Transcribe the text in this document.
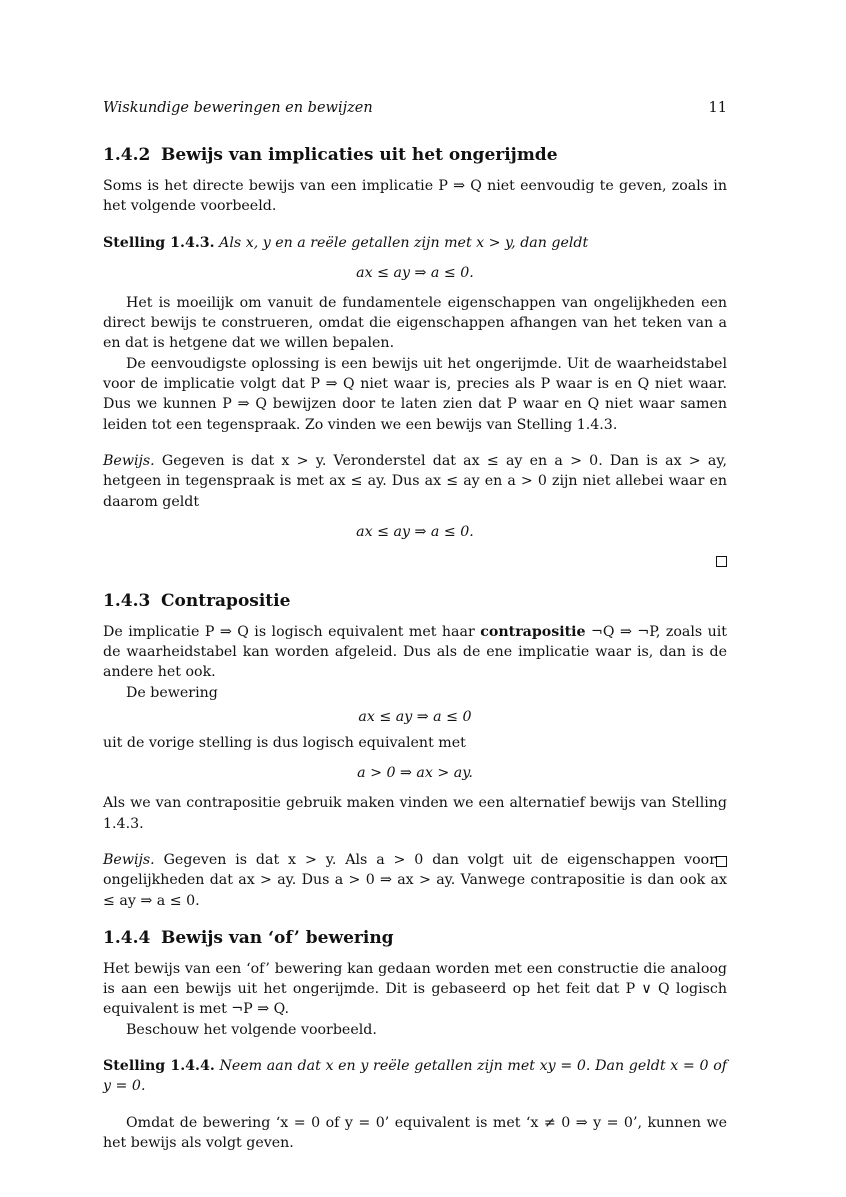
Wiskundige beweringen en bewijzen	11
1.4.2 Bewijs van implicaties uit het ongerijmde

Soms is het directe bewijs van een implicatie P ⇒ Q niet eenvoudig te geven, zoals in het volgende voorbeeld.

Stelling 1.4.3. Als x, y en a reële getallen zijn met x > y, dan geldt

ax ≤ ay ⇒ a ≤ 0.

Het is moeilijk om vanuit de fundamentele eigenschappen van ongelijkheden een direct bewijs te construeren, omdat die eigenschappen afhangen van het teken van a en dat is hetgene dat we willen bepalen.

De eenvoudigste oplossing is een bewijs uit het ongerijmde. Uit de waarheidstabel voor de implicatie volgt dat P ⇒ Q niet waar is, precies als P waar is en Q niet waar. Dus we kunnen P ⇒ Q bewijzen door te laten zien dat P waar en Q niet waar samen leiden tot een tegenspraak. Zo vinden we een bewijs van Stelling 1.4.3.

Bewijs. Gegeven is dat x > y. Veronderstel dat ax ≤ ay en a > 0. Dan is ax > ay, hetgeen in tegenspraak is met ax ≤ ay. Dus ax ≤ ay en a > 0 zijn niet allebei waar en daarom geldt

ax ≤ ay ⇒ a ≤ 0.
1.4.3 Contrapositie

De implicatie P ⇒ Q is logisch equivalent met haar contrapositie ¬Q ⇒ ¬P, zoals uit de waarheidstabel kan worden afgeleid. Dus als de ene implicatie waar is, dan is de andere het ook.

De bewering

ax ≤ ay ⇒ a ≤ 0

uit de vorige stelling is dus logisch equivalent met

a > 0 ⇒ ax > ay.

Als we van contrapositie gebruik maken vinden we een alternatief bewijs van Stelling 1.4.3.

Bewijs. Gegeven is dat x > y. Als a > 0 dan volgt uit de eigenschappen voor ongelijkheden dat ax > ay. Dus a > 0 ⇒ ax > ay. Vanwege contrapositie is dan ook ax ≤ ay ⇒ a ≤ 0.

1.4.4 Bewijs van ‘of’ bewering

Het bewijs van een ‘of’ bewering kan gedaan worden met een constructie die analoog is aan een bewijs uit het ongerijmde. Dit is gebaseerd op het feit dat P ∨ Q logisch equivalent is met ¬P ⇒ Q.

Beschouw het volgende voorbeeld.

Stelling 1.4.4. Neem aan dat x en y reële getallen zijn met xy = 0. Dan geldt x = 0 of y = 0.

Omdat de bewering ‘x = 0 of y = 0’ equivalent is met ‘x ≠ 0 ⇒ y = 0’, kunnen we het bewijs als volgt geven.
